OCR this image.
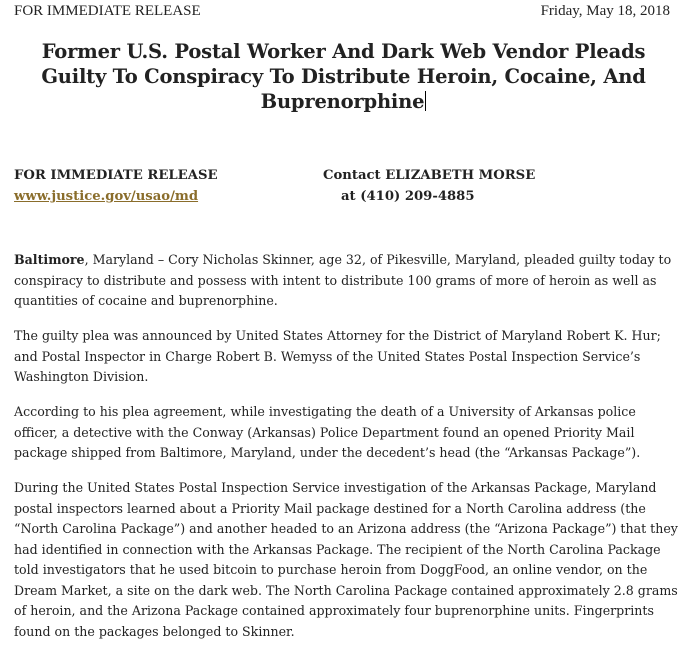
FOR IMMEDIATE RELEASE	Friday, May 18, 2018
Former U.S. Postal Worker And Dark Web Vendor Pleads
Guilty To Conspiracy To Distribute Heroin, Cocaine, And
Buprenorphine
FOR IMMEDIATE RELEASE
www.justice.gov/usao/md
Contact ELIZABETH MORSE
at (410) 209-4885

Baltimore, Maryland – Cory Nicholas Skinner, age 32, of Pikesville, Maryland, pleaded guilty today to conspiracy to distribute and possess with intent to distribute 100 grams of more of heroin as well as quantities of cocaine and buprenorphine.

The guilty plea was announced by United States Attorney for the District of Maryland Robert K. Hur; and Postal Inspector in Charge Robert B. Wemyss of the United States Postal Inspection Service’s Washington Division.

According to his plea agreement, while investigating the death of a University of Arkansas police officer, a detective with the Conway (Arkansas) Police Department found an opened Priority Mail package shipped from Baltimore, Maryland, under the decedent’s head (the “Arkansas Package”).

During the United States Postal Inspection Service investigation of the Arkansas Package, Maryland postal inspectors learned about a Priority Mail package destined for a North Carolina address (the “North Carolina Package”) and another headed to an Arizona address (the “Arizona Package”) that they had identified in connection with the Arkansas Package. The recipient of the North Carolina Package told investigators that he used bitcoin to purchase heroin from DoggFood, an online vendor, on the Dream Market, a site on the dark web. The North Carolina Package contained approximately 2.8 grams of heroin, and the Arizona Package contained approximately four buprenorphine units. Fingerprints found on the packages belonged to Skinner.
